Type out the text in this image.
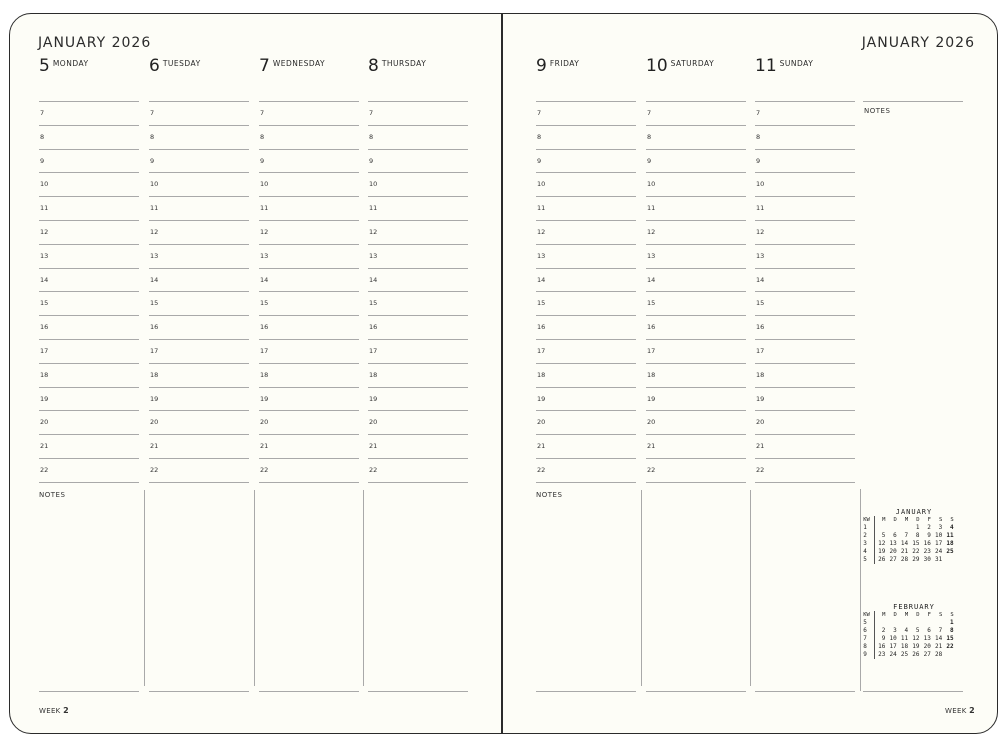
JANUARY 2026
5 $^{MONDAY}$
7
8
9
10
11
12
13
14
15
16
17
18
19
20
21
22
6 $^{TUESDAY}$
7
8
9
10
11
12
13
14
15
16
17
18
19
20
21
22
7 $^{WEDNESDAY}$
7
8
9
10
11
12
13
14
15
16
17
18
19
20
21
22
8 $^{THURSDAY}$
7
8
9
10
11
12
13
14
15
16
17
18
19
20
21
22
NOTES
WEEK 2
JANUARY 2026
9 $^{FRIDAY}$
7
8
9
10
11
12
13
14
15
16
17
18
19
20
21
22
10 $^{SATURDAY}$
7
8
9
10
11
12
13
14
15
16
17
18
19
20
21
22
11 $^{SUNDAY}$
7
8
9
10
11
12
13
14
15
16
17
18
19
20
21
22
NOTES
NOTES
WEEK 2
JANUARY
KW	M	D	M	D	F	S	S
1				1	2	3	4
2	5	6	7	8	9	10	11
3	12	13	14	15	16	17	18
4	19	20	21	22	23	24	25
5	26	27	28	29	30	31	
FEBRUARY
KW	M	D	M	D	F	S	S
5							1
6	2	3	4	5	6	7	8
7	9	10	11	12	13	14	15
8	16	17	18	19	20	21	22
9	23	24	25	26	27	28	
